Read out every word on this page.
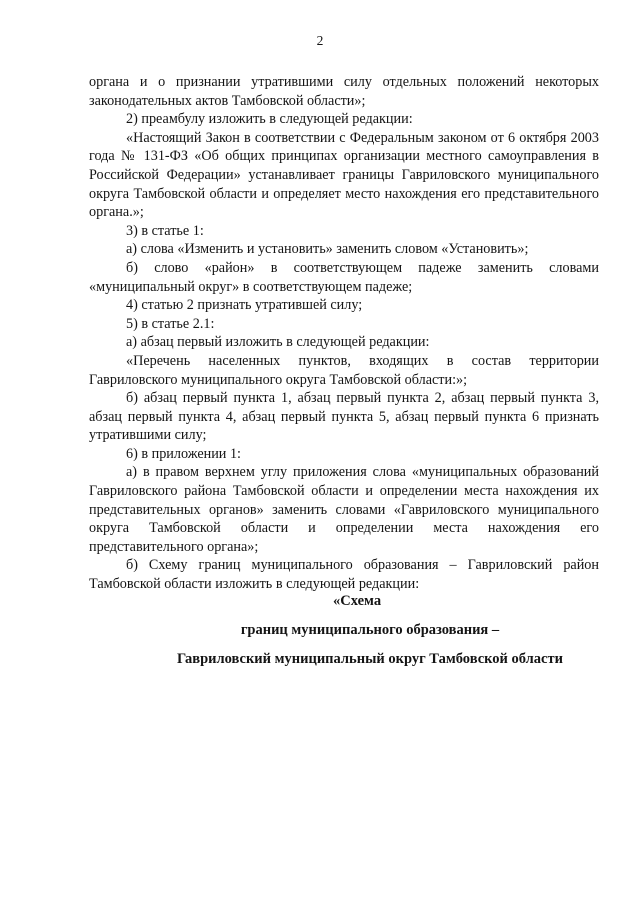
2

органа и о признании утратившими силу отдельных положений некоторых законодательных актов Тамбовской области»;

2) преамбулу изложить в следующей редакции:

«Настоящий Закон в соответствии с Федеральным законом от 6 октября 2003 года № 131-ФЗ «Об общих принципах организации местного самоуправления в Российской Федерации» устанавливает границы Гавриловского муниципального округа Тамбовской области и определяет место нахождения его представительного органа.»;

3) в статье 1:

а) слова «Изменить и установить» заменить словом «Установить»;

б) слово «район» в соответствующем падеже заменить словами «муниципальный округ» в соответствующем падеже;

4) статью 2 признать утратившей силу;

5) в статье 2.1:

а) абзац первый изложить в следующей редакции:

«Перечень населенных пунктов, входящих в состав территории Гавриловского муниципального округа Тамбовской области:»;

б) абзац первый пункта 1, абзац первый пункта 2, абзац первый пункта 3, абзац первый пункта 4, абзац первый пункта 5, абзац первый пункта 6 признать утратившими силу;

6) в приложении 1:

а) в правом верхнем углу приложения слова «муниципальных образований Гавриловского района Тамбовской области и определении места нахождения их представительных органов» заменить словами «Гавриловского муниципального округа Тамбовской области и определении места нахождения его представительного органа»;

б) Схему границ муниципального образования – Гавриловский район Тамбовской области изложить в следующей редакции:

«Схема
границ муниципального образования –
Гавриловский муниципальный округ Тамбовской области
